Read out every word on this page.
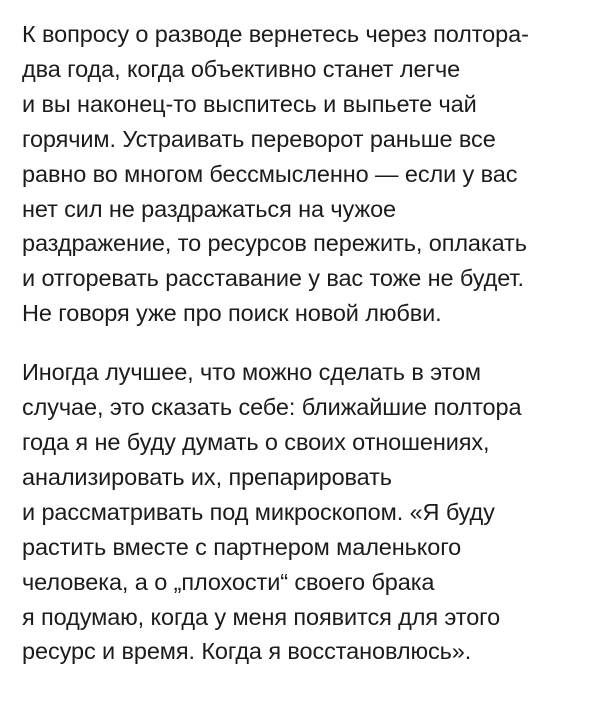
К вопросу о разводе вернетесь через полтора-
два года, когда объективно станет легче
и вы наконец-то выспитесь и выпьете чай
горячим. Устраивать переворот раньше все
равно во многом бессмысленно — если у вас
нет сил не раздражаться на чужое
раздражение, то ресурсов пережить, оплакать
и отгоревать расставание у вас тоже не будет.
Не говоря уже про поиск новой любви.

Иногда лучшее, что можно сделать в этом
случае, это сказать себе: ближайшие полтора
года я не буду думать о своих отношениях,
анализировать их, препарировать
и рассматривать под микроскопом. «Я буду
растить вместе с партнером маленького
человека, а о „плохости“ своего брака
я подумаю, когда у меня появится для этого
ресурс и время. Когда я восстановлюсь».
